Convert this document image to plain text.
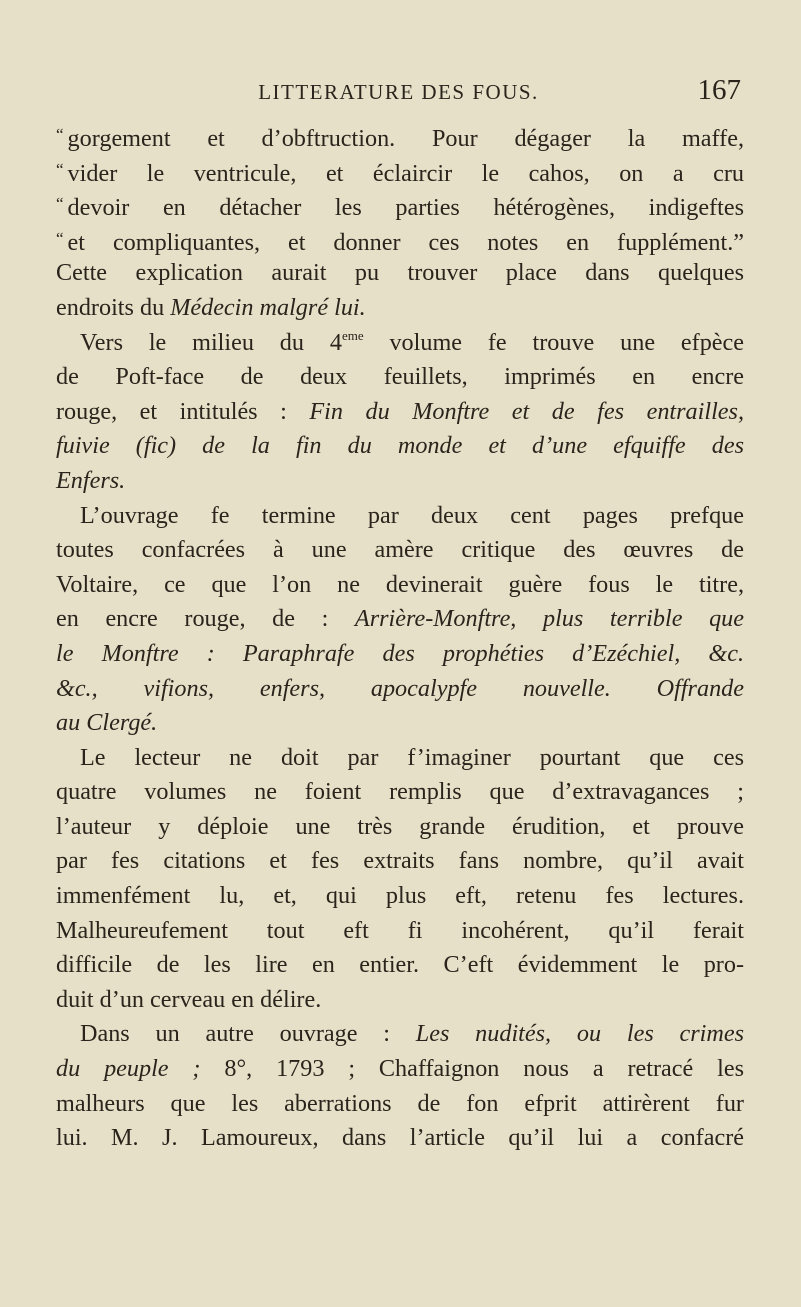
LITTERATURE DES FOUS.	167
“ gorgement et d’obftruction. Pour dégager la maffe,
“ vider le ventricule, et éclaircir le cahos, on a cru
“ devoir en détacher les parties hétérogènes, indigeftes
“ et compliquantes, et donner ces notes en fupplément.”
Cette explication aurait pu trouver place dans quelques
endroits du Médecin malgré lui.
Vers le milieu du 4eme volume fe trouve une efpèce
de Poft-face de deux feuillets, imprimés en encre
rouge, et intitulés : Fin du Monftre et de fes entrailles,
fuivie (fic) de la fin du monde et d’une efquiffe des
Enfers.
L’ouvrage fe termine par deux cent pages prefque
toutes confacrées à une amère critique des œuvres de
Voltaire, ce que l’on ne devinerait guère fous le titre,
en encre rouge, de : Arrière-Monftre, plus terrible que
le Monftre : Paraphrafe des prophéties d’Ezéchiel, &c.
&c., vifions, enfers, apocalypfe nouvelle. Offrande
au Clergé.
Le lecteur ne doit par f’imaginer pourtant que ces
quatre volumes ne foient remplis que d’extravagances ;
l’auteur y déploie une très grande érudition, et prouve
par fes citations et fes extraits fans nombre, qu’il avait
immenfément lu, et, qui plus eft, retenu fes lectures.
Malheureufement tout eft fi incohérent, qu’il ferait
difficile de les lire en entier. C’eft évidemment le pro-
duit d’un cerveau en délire.
Dans un autre ouvrage : Les nudités, ou les crimes
du peuple ; 8°, 1793 ; Chaffaignon nous a retracé les
malheurs que les aberrations de fon efprit attirèrent fur
lui. M. J. Lamoureux, dans l’article qu’il lui a confacré
